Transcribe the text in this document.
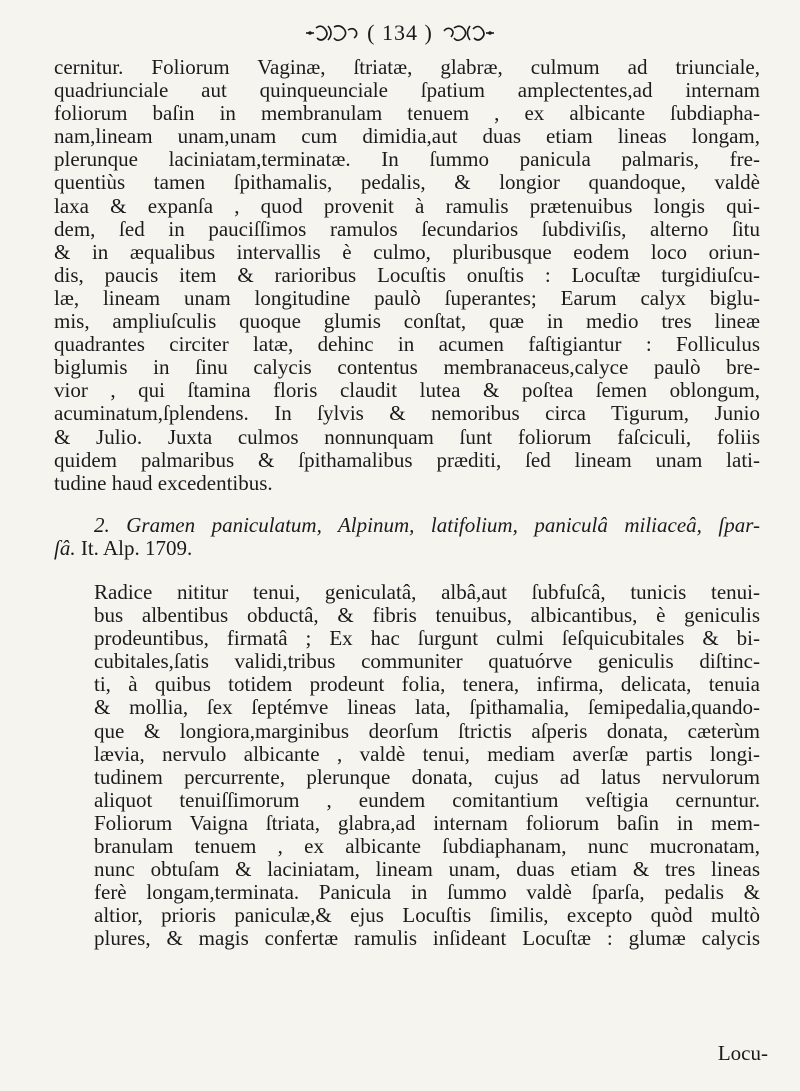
( 134 )

cernitur. Foliorum Vaginæ, ſtriatæ, glabræ, culmum ad triunciale,
quadriunciale aut quinqueunciale ſpatium amplectentes,ad internam
foliorum baſin in membranulam tenuem , ex albicante ſubdiapha-
nam,lineam unam,unam cum dimidia,aut duas etiam lineas longam,
plerunque laciniatam,terminatæ. In ſummo panicula palmaris, fre-
quentiùs tamen ſpithamalis, pedalis, & longior quandoque, valdè
laxa & expanſa , quod provenit à ramulis prætenuibus longis qui-
dem, ſed in pauciſſimos ramulos ſecundarios ſubdiviſis, alterno ſitu
& in æqualibus intervallis è culmo, pluribusque eodem loco oriun-
dis, paucis item & rarioribus Locuſtis onuſtis : Locuſtæ turgidiuſcu-
læ, lineam unam longitudine paulò ſuperantes; Earum calyx biglu-
mis, ampliuſculis quoque glumis conſtat, quæ in medio tres lineæ
quadrantes circiter latæ, dehinc in acumen faſtigiantur : Folliculus
biglumis in ſinu calycis contentus membranaceus,calyce paulò bre-
vior , qui ſtamina floris claudit lutea & poſtea ſemen oblongum,
acuminatum,ſplendens. In ſylvis & nemoribus circa Tigurum, Junio
& Julio. Juxta culmos nonnunquam ſunt foliorum faſciculi, foliis
quidem palmaribus & ſpithamalibus præditi, ſed lineam unam lati-
tudine haud excedentibus.

2. Gramen paniculatum, Alpinum, latifolium, paniculâ miliaceâ, ſpar-

ſâ. It. Alp. 1709.

Radice nititur tenui, geniculatâ, albâ,aut ſubfuſcâ, tunicis tenui-
bus albentibus obductâ, & fibris tenuibus, albicantibus, è geniculis
prodeuntibus, firmatâ ; Ex hac ſurgunt culmi ſeſquicubitales & bi-
cubitales,ſatis validi,tribus communiter quatuórve geniculis diſtinc-
ti, à quibus totidem prodeunt folia, tenera, infirma, delicata, tenuia
& mollia, ſex ſeptémve lineas lata, ſpithamalia, ſemipedalia,quando-
que & longiora,marginibus deorſum ſtrictis aſperis donata, cæterùm
lævia, nervulo albicante , valdè tenui, mediam averſæ partis longi-
tudinem percurrente, plerunque donata, cujus ad latus nervulorum
aliquot tenuiſſimorum , eundem comitantium veſtigia cernuntur.
Foliorum Vaigna ſtriata, glabra,ad internam foliorum baſin in mem-
branulam tenuem , ex albicante ſubdiaphanam, nunc mucronatam,
nunc obtuſam & laciniatam, lineam unam, duas etiam & tres lineas
ferè longam,terminata. Panicula in ſummo valdè ſparſa, pedalis &
altior, prioris paniculæ,& ejus Locuſtis ſimilis, excepto quòd multò
plures, & magis confertæ ramulis inſideant Locuſtæ : glumæ calycis

Locu-
